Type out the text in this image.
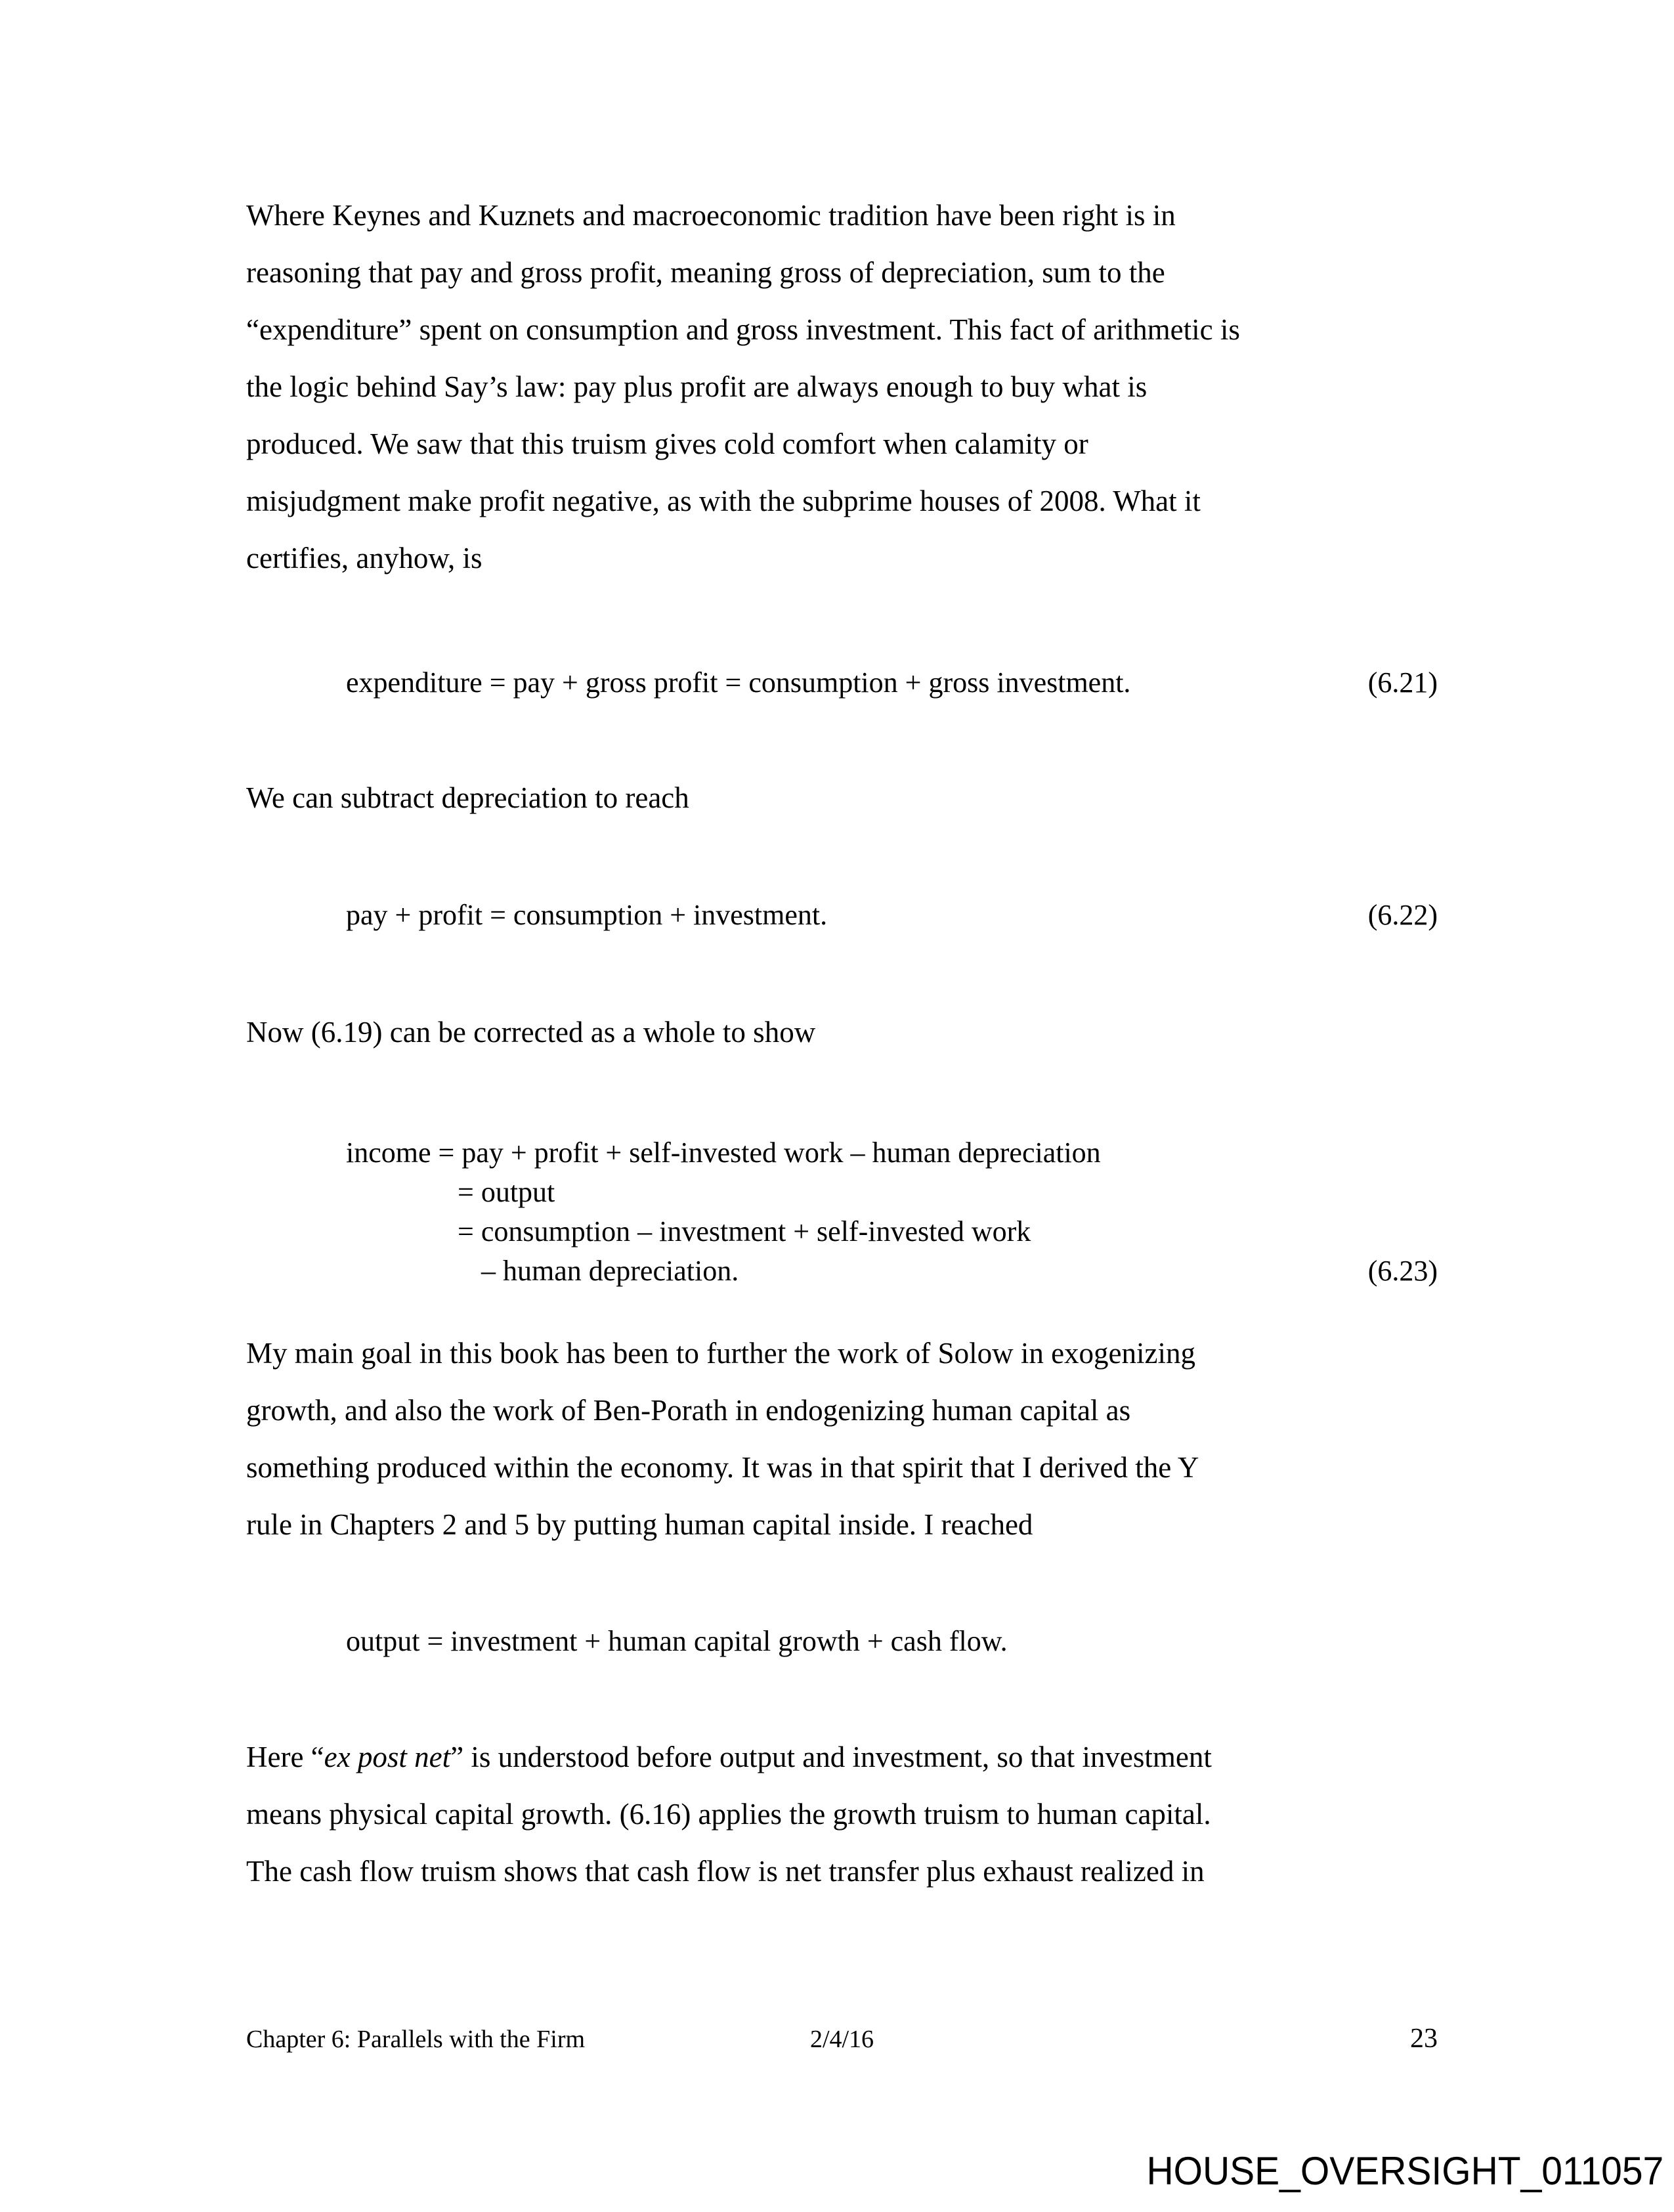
Where Keynes and Kuznets and macroeconomic tradition have been right is in
reasoning that pay and gross profit, meaning gross of depreciation, sum to the
“expenditure” spent on consumption and gross investment. This fact of arithmetic is
the logic behind Say’s law: pay plus profit are always enough to buy what is
produced. We saw that this truism gives cold comfort when calamity or
misjudgment make profit negative, as with the subprime houses of 2008. What it
certifies, anyhow, is
expenditure = pay + gross profit = consumption + gross investment.	(6.21)
We can subtract depreciation to reach
pay + profit = consumption + investment.	(6.22)
Now (6.19) can be corrected as a whole to show
income = pay + profit + self-invested work – human depreciation
= output
= consumption – investment + self-invested work
– human depreciation.	(6.23)
My main goal in this book has been to further the work of Solow in exogenizing
growth, and also the work of Ben-Porath in endogenizing human capital as
something produced within the economy. It was in that spirit that I derived the Y
rule in Chapters 2 and 5 by putting human capital inside. I reached
output = investment + human capital growth + cash flow.
Here “ex post net” is understood before output and investment, so that investment
means physical capital growth. (6.16) applies the growth truism to human capital.
The cash flow truism shows that cash flow is net transfer plus exhaust realized in
Chapter 6: Parallels with the Firm	2/4/16	23
HOUSE_OVERSIGHT_011057
